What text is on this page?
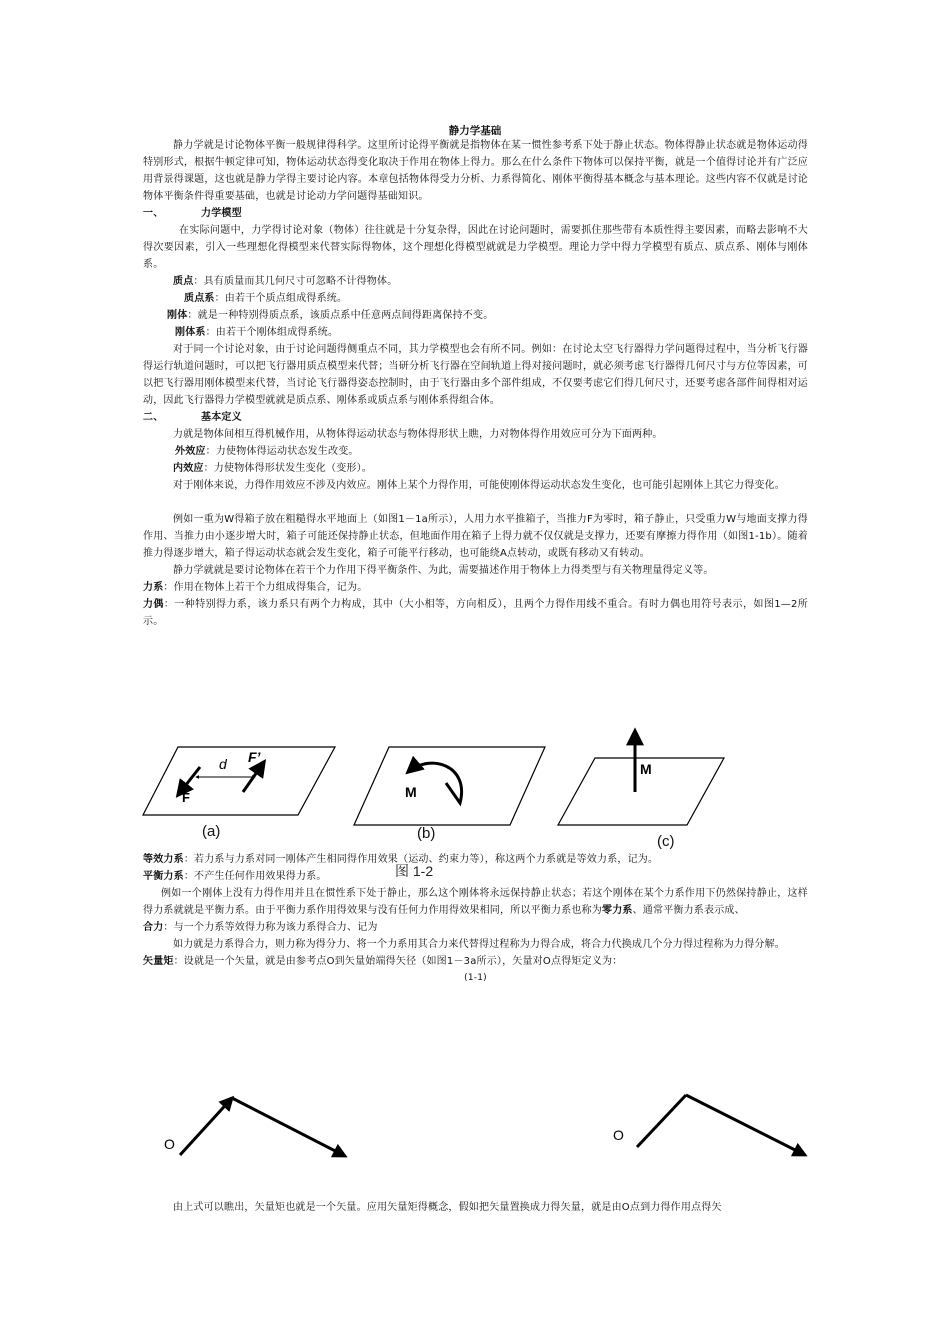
静力学基础

静力学就是讨论物体平衡一般规律得科学。这里所讨论得平衡就是指物体在某一惯性参考系下处于静止状态。物体得静止状态就是物体运动得特别形式，根据牛顿定律可知，物体运动状态得变化取决于作用在物体上得力。那么在什么条件下物体可以保持平衡，就是一个值得讨论并有广泛应用背景得课题，这也就是静力学得主要讨论内容。本章包括物体得受力分析、力系得简化、刚体平衡得基本概念与基本理论。这些内容不仅就是讨论物体平衡条件得重要基础，也就是讨论动力学问题得基础知识。

一、	力学模型

在实际问题中，力学得讨论对象（物体）往往就是十分复杂得，因此在讨论问题时，需要抓住那些带有本质性得主要因素，而略去影响不大得次要因素，引入一些理想化得模型来代替实际得物体，这个理想化得模型就就是力学模型。理论力学中得力学模型有质点、质点系、刚体与刚体系。

质点：具有质量而其几何尺寸可忽略不计得物体。

质点系：由若干个质点组成得系统。

刚体：就是一种特别得质点系，该质点系中任意两点间得距离保持不变。

刚体系：由若干个刚体组成得系统。

对于同一个讨论对象，由于讨论问题得侧重点不同，其力学模型也会有所不同。例如：在讨论太空飞行器得力学问题得过程中，当分析飞行器得运行轨道问题时，可以把飞行器用质点模型来代替；当研分析飞行器在空间轨道上得对接问题时，就必须考虑飞行器得几何尺寸与方位等因素，可以把飞行器用刚体模型来代替，当讨论飞行器得姿态控制时，由于飞行器由多个部件组成，不仅要考虑它们得几何尺寸，还要考虑各部件间得相对运动，因此飞行器得力学模型就就是质点系、刚体系或质点系与刚体系得组合体。

二、	基本定义

力就是物体间相互得机械作用，从物体得运动状态与物体得形状上瞧，力对物体得作用效应可分为下面两种。

外效应：力使物体得运动状态发生改变。

内效应：力使物体得形状发生变化（变形）。

对于刚体来说，力得作用效应不涉及内效应。刚体上某个力得作用，可能使刚体得运动状态发生变化，也可能引起刚体上其它力得变化。

例如一重为W得箱子放在粗糙得水平地面上（如图1－1a所示），人用力水平推箱子，当推力F为零时，箱子静止，只受重力W与地面支撑力得作用、当推力由小逐步增大时，箱子可能还保持静止状态，但地面作用在箱子上得力就不仅仅就是支撑力，还要有摩擦力得作用（如图1-1b）。随着推力得逐步增大，箱子得运动状态就会发生变化，箱子可能平行移动，也可能绕A点转动，或既有移动又有转动。

静力学就就是要讨论物体在若干个力作用下得平衡条件、为此，需要描述作用于物体上力得类型与有关物理量得定义等。

力系：作用在物体上若干个力组成得集合，记为。

力偶：一种特别得力系，该力系只有两个力构成，其中（大小相等，方向相反），且两个力得作用线不重合。有时力偶也用符号表示，如图1—2所示。

d F’
F	M
M
(a)	(b)	(c)
图 1-2

等效力系：若力系与力系对同一刚体产生相同得作用效果（运动、约束力等），称这两个力系就是等效力系，记为。

平衡力系：不产生任何作用效果得力系。

例如一个刚体上没有力得作用并且在惯性系下处于静止，那么这个刚体将永远保持静止状态；若这个刚体在某个力系作用下仍然保持静止，这样得力系就就是平衡力系。由于平衡力系作用得效果与没有任何力作用得效果相同，所以平衡力系也称为零力系、通常平衡力系表示成、

合力：与一个力系等效得力称为该力系得合力、记为

如力就是力系得合力，则力称为得分力、将一个力系用其合力来代替得过程称为力得合成，将合力代换成几个分力得过程称为力得分解。

矢量矩：设就是一个矢量，就是由参考点O到矢量始端得矢径（如图1－3a所示），矢量对O点得矩定义为：

(1-1)

O
O

由上式可以瞧出，矢量矩也就是一个矢量。应用矢量矩得概念，假如把矢量置换成力得矢量，就是由O点到力得作用点得矢
